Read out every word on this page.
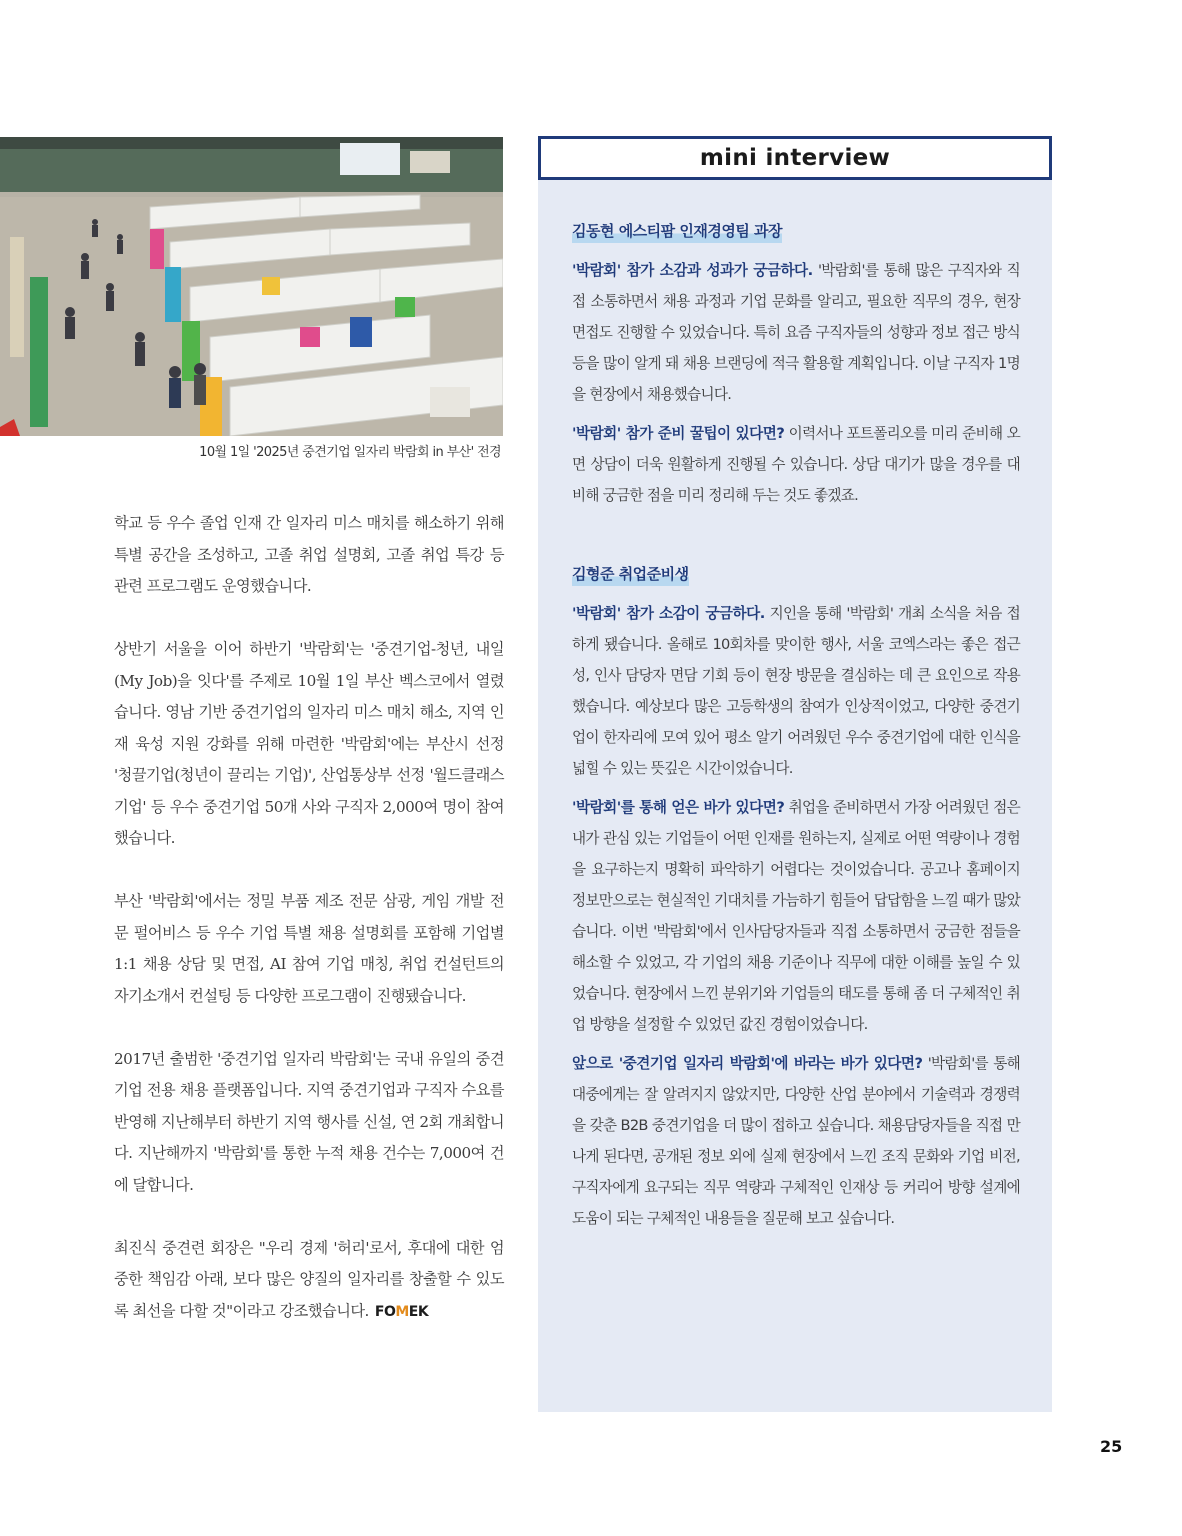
10월 1일 '2025년 중견기업 일자리 박람회 in 부산' 전경

학교 등 우수 졸업 인재 간 일자리 미스 매치를 해소하기 위해 특별 공간을 조성하고, 고졸 취업 설명회, 고졸 취업 특강 등 관련 프로그램도 운영했습니다.

상반기 서울을 이어 하반기 '박람회'는 '중견기업-청년, 내일(My Job)을 잇다'를 주제로 10월 1일 부산 벡스코에서 열렸습니다. 영남 기반 중견기업의 일자리 미스 매치 해소, 지역 인재 육성 지원 강화를 위해 마련한 '박람회'에는 부산시 선정 '청끌기업(청년이 끌리는 기업)', 산업통상부 선정 '월드클래스기업' 등 우수 중견기업 50개 사와 구직자 2,000여 명이 참여했습니다.

부산 '박람회'에서는 정밀 부품 제조 전문 삼광, 게임 개발 전문 펄어비스 등 우수 기업 특별 채용 설명회를 포함해 기업별 1:1 채용 상담 및 면접, AI 참여 기업 매칭, 취업 컨설턴트의 자기소개서 컨설팅 등 다양한 프로그램이 진행됐습니다.

2017년 출범한 '중견기업 일자리 박람회'는 국내 유일의 중견기업 전용 채용 플랫폼입니다. 지역 중견기업과 구직자 수요를 반영해 지난해부터 하반기 지역 행사를 신설, 연 2회 개최합니다. 지난해까지 '박람회'를 통한 누적 채용 건수는 7,000여 건에 달합니다.

최진식 중견련 회장은 "우리 경제 '허리'로서, 후대에 대한 엄중한 책임감 아래, 보다 많은 양질의 일자리를 창출할 수 있도록 최선을 다할 것"이라고 강조했습니다. FOMEK

mini interview
김동현 에스티팜 인재경영팀 과장
'박람회' 참가 소감과 성과가 궁금하다. '박람회'를 통해 많은 구직자와 직접 소통하면서 채용 과정과 기업 문화를 알리고, 필요한 직무의 경우, 현장 면접도 진행할 수 있었습니다. 특히 요즘 구직자들의 성향과 정보 접근 방식 등을 많이 알게 돼 채용 브랜딩에 적극 활용할 계획입니다. 이날 구직자 1명을 현장에서 채용했습니다.
'박람회' 참가 준비 꿀팁이 있다면? 이력서나 포트폴리오를 미리 준비해 오면 상담이 더욱 원활하게 진행될 수 있습니다. 상담 대기가 많을 경우를 대비해 궁금한 점을 미리 정리해 두는 것도 좋겠죠.
김형준 취업준비생
'박람회' 참가 소감이 궁금하다. 지인을 통해 '박람회' 개최 소식을 처음 접하게 됐습니다. 올해로 10회차를 맞이한 행사, 서울 코엑스라는 좋은 접근성, 인사 담당자 면담 기회 등이 현장 방문을 결심하는 데 큰 요인으로 작용했습니다. 예상보다 많은 고등학생의 참여가 인상적이었고, 다양한 중견기업이 한자리에 모여 있어 평소 알기 어려웠던 우수 중견기업에 대한 인식을 넓힐 수 있는 뜻깊은 시간이었습니다.
'박람회'를 통해 얻은 바가 있다면? 취업을 준비하면서 가장 어려웠던 점은 내가 관심 있는 기업들이 어떤 인재를 원하는지, 실제로 어떤 역량이나 경험을 요구하는지 명확히 파악하기 어렵다는 것이었습니다. 공고나 홈페이지 정보만으로는 현실적인 기대치를 가늠하기 힘들어 답답함을 느낄 때가 많았습니다. 이번 '박람회'에서 인사담당자들과 직접 소통하면서 궁금한 점들을 해소할 수 있었고, 각 기업의 채용 기준이나 직무에 대한 이해를 높일 수 있었습니다. 현장에서 느낀 분위기와 기업들의 태도를 통해 좀 더 구체적인 취업 방향을 설정할 수 있었던 값진 경험이었습니다.
앞으로 '중견기업 일자리 박람회'에 바라는 바가 있다면? '박람회'를 통해 대중에게는 잘 알려지지 않았지만, 다양한 산업 분야에서 기술력과 경쟁력을 갖춘 B2B 중견기업을 더 많이 접하고 싶습니다. 채용담당자들을 직접 만나게 된다면, 공개된 정보 외에 실제 현장에서 느낀 조직 문화와 기업 비전, 구직자에게 요구되는 직무 역량과 구체적인 인재상 등 커리어 방향 설계에 도움이 되는 구체적인 내용들을 질문해 보고 싶습니다.
25
